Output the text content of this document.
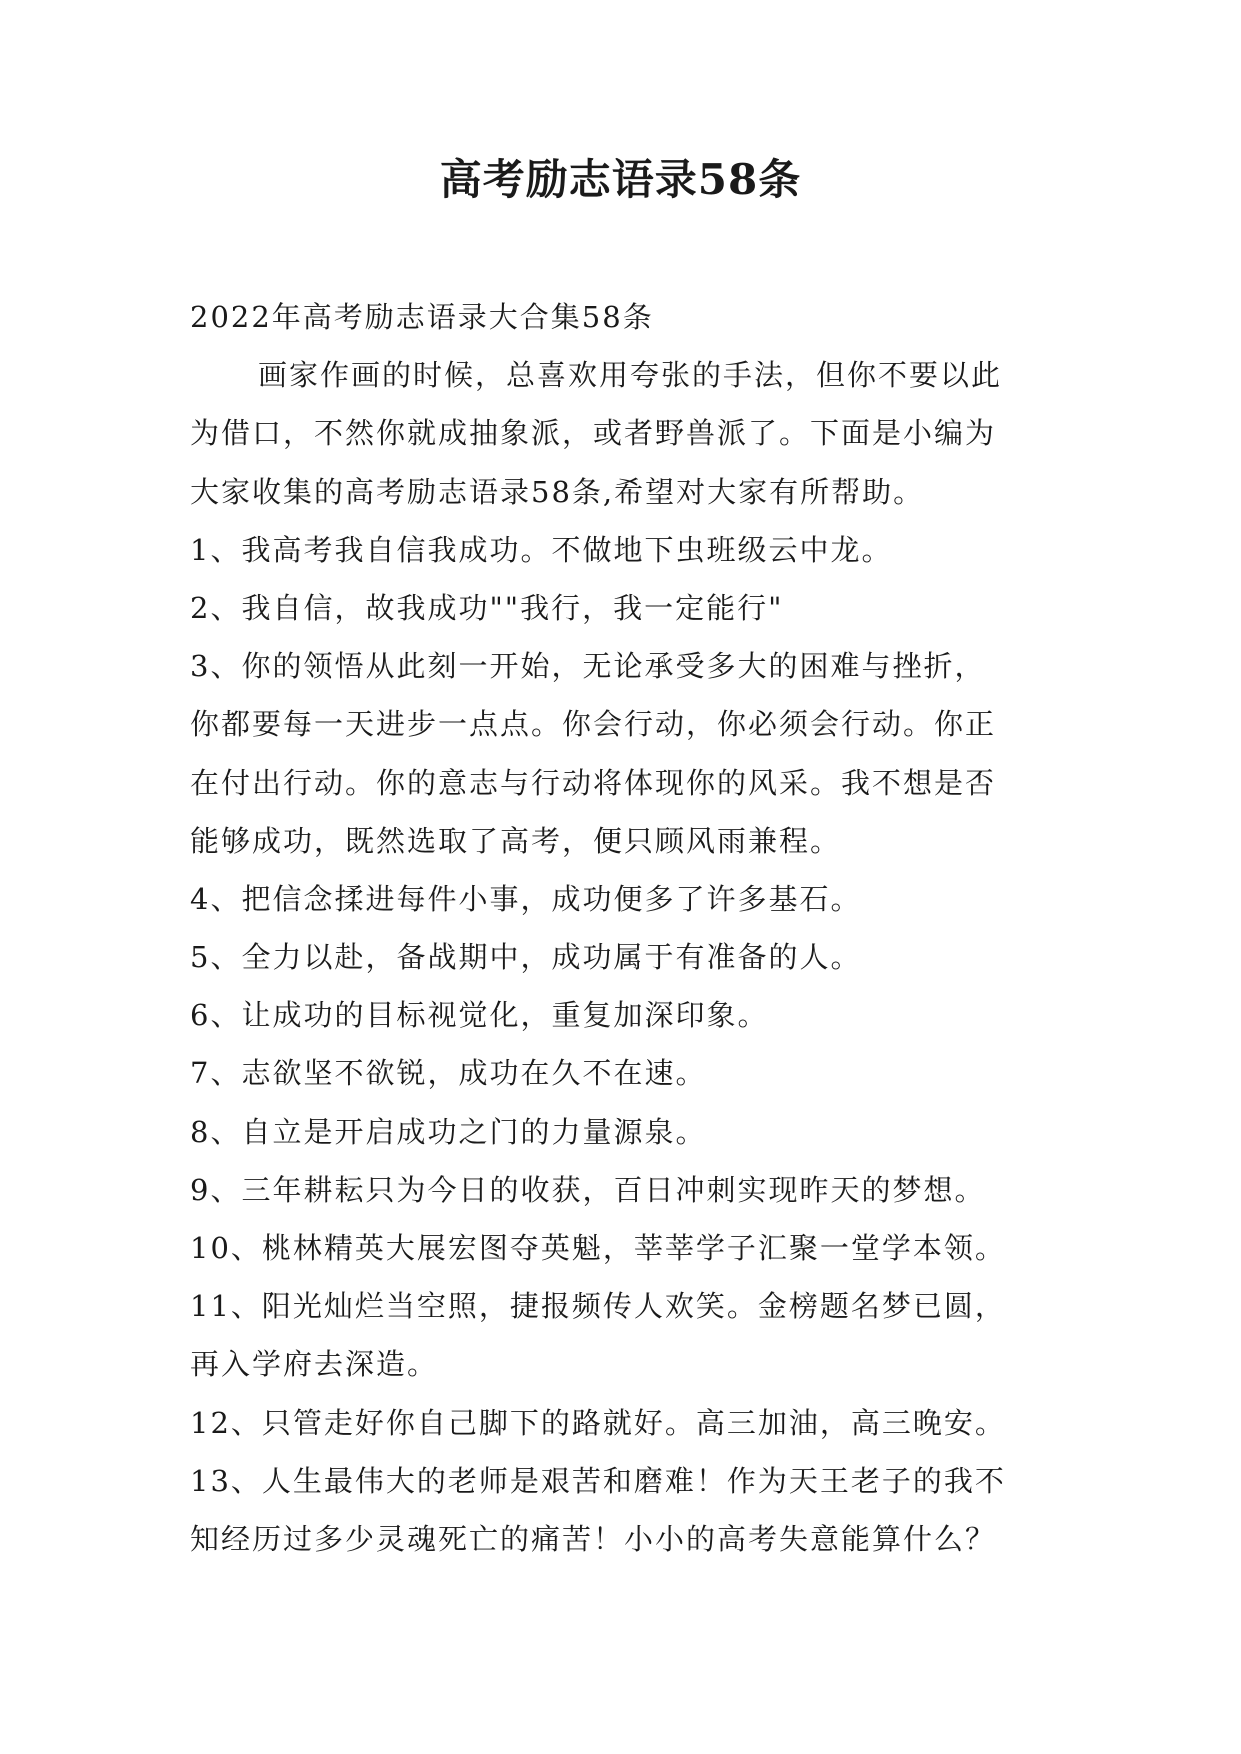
高考励志语录58条
2022年高考励志语录大合集58条
画家作画的时候，总喜欢用夸张的手法，但你不要以此
为借口，不然你就成抽象派，或者野兽派了。下面是小编为
大家收集的高考励志语录58条,希望对大家有所帮助。
1、我高考我自信我成功。不做地下虫班级云中龙。
2、我自信，故我成功""我行，我一定能行"
3、你的领悟从此刻一开始，无论承受多大的困难与挫折，
你都要每一天进步一点点。你会行动，你必须会行动。你正
在付出行动。你的意志与行动将体现你的风采。我不想是否
能够成功，既然选取了高考，便只顾风雨兼程。
4、把信念揉进每件小事，成功便多了许多基石。
5、全力以赴，备战期中，成功属于有准备的人。
6、让成功的目标视觉化，重复加深印象。
7、志欲坚不欲锐，成功在久不在速。
8、自立是开启成功之门的力量源泉。
9、三年耕耘只为今日的收获，百日冲刺实现昨天的梦想。
10、桃林精英大展宏图夺英魁，莘莘学子汇聚一堂学本领。
11、阳光灿烂当空照，捷报频传人欢笑。金榜题名梦已圆，
再入学府去深造。
12、只管走好你自己脚下的路就好。高三加油，高三晚安。
13、人生最伟大的老师是艰苦和磨难！作为天王老子的我不
知经历过多少灵魂死亡的痛苦！小小的高考失意能算什么？
